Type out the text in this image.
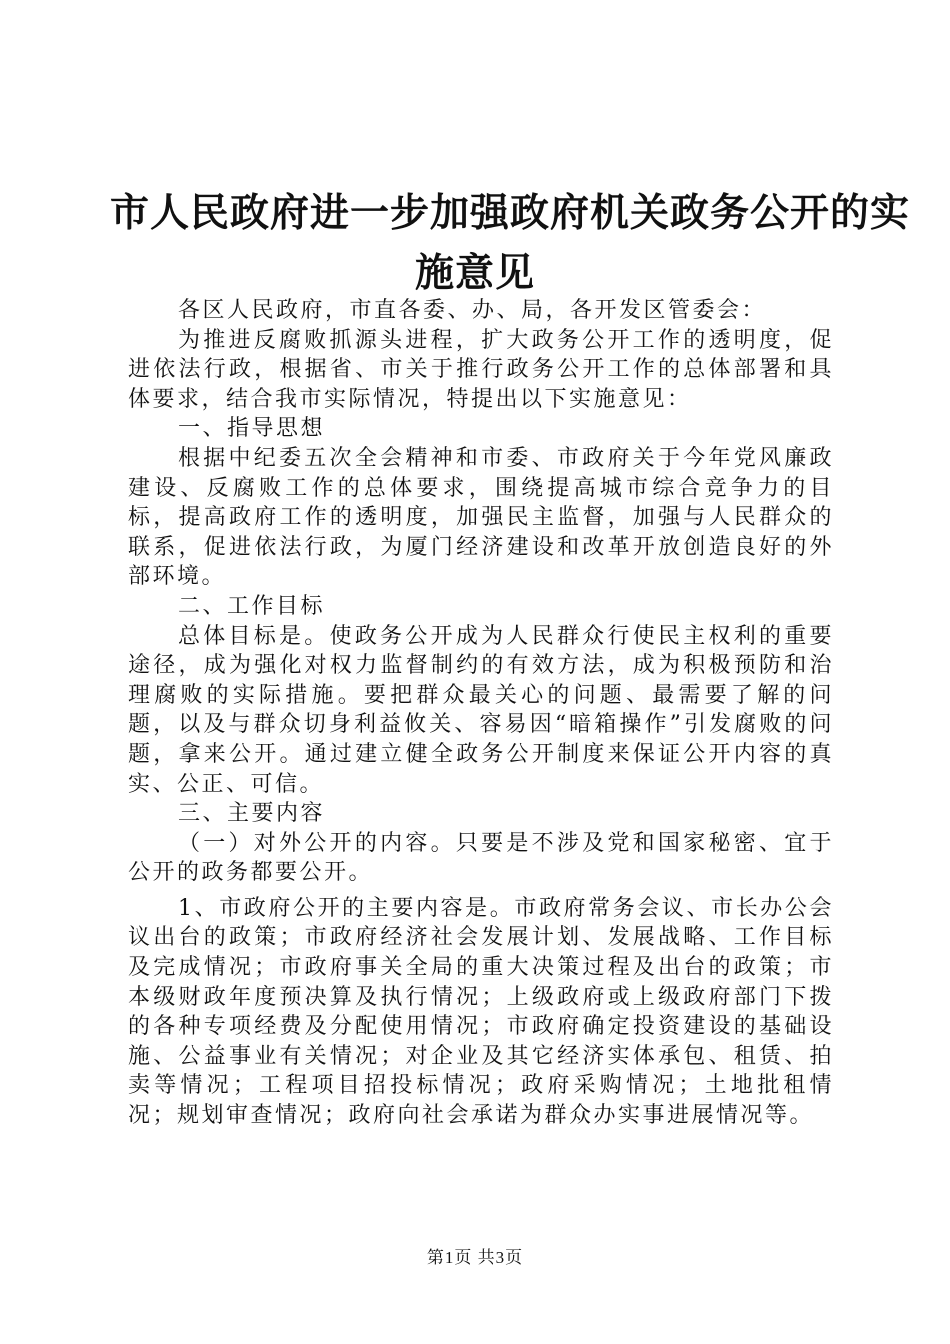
市人民政府进一步加强政府机关政务公开的实
施意见

各区人民政府，市直各委、办、局，各开发区管委会：

为推进反腐败抓源头进程，扩大政务公开工作的透明度，促进依法行政，根据省、市关于推行政务公开工作的总体部署和具体要求，结合我市实际情况，特提出以下实施意见：

一、指导思想

根据中纪委五次全会精神和市委、市政府关于今年党风廉政建设、反腐败工作的总体要求，围绕提高城市综合竞争力的目标，提高政府工作的透明度，加强民主监督，加强与人民群众的联系，促进依法行政，为厦门经济建设和改革开放创造良好的外部环境。

二、工作目标

总体目标是。使政务公开成为人民群众行使民主权利的重要途径，成为强化对权力监督制约的有效方法，成为积极预防和治理腐败的实际措施。要把群众最关心的问题、最需要了解的问题，以及与群众切身利益攸关、容易因“暗箱操作”引发腐败的问题，拿来公开。通过建立健全政务公开制度来保证公开内容的真实、公正、可信。

三、主要内容

（一）对外公开的内容。只要是不涉及党和国家秘密、宜于公开的政务都要公开。

1、市政府公开的主要内容是。市政府常务会议、市长办公会议出台的政策；市政府经济社会发展计划、发展战略、工作目标及完成情况；市政府事关全局的重大决策过程及出台的政策；市本级财政年度预决算及执行情况；上级政府或上级政府部门下拨的各种专项经费及分配使用情况；市政府确定投资建设的基础设施、公益事业有关情况；对企业及其它经济实体承包、租赁、拍卖等情况；工程项目招投标情况；政府采购情况；土地批租情况；规划审查情况；政府向社会承诺为群众办实事进展情况等。

第1页 共3页
